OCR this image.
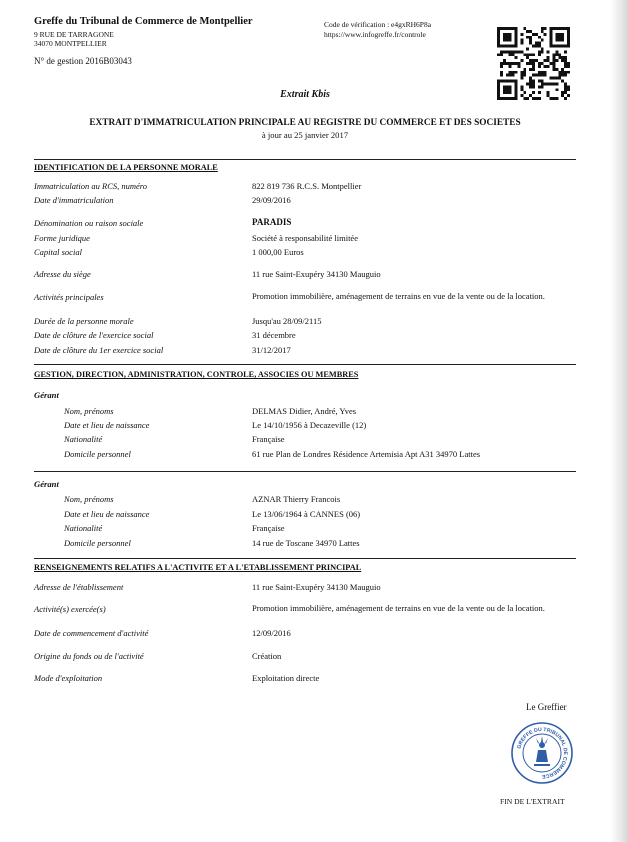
Greffe du Tribunal de Commerce de Montpellier
9 RUE DE TARRAGONE
34070 MONTPELLIER
Code de vérification : e4gxRH6P8a
https://www.infogreffe.fr/controle
N° de gestion 2016B03043
Extrait Kbis
EXTRAIT D'IMMATRICULATION PRINCIPALE AU REGISTRE DU COMMERCE ET DES SOCIETES
à jour au 25 janvier 2017
IDENTIFICATION DE LA PERSONNE MORALE
Immatriculation au RCS, numéro	822 819 736 R.C.S. Montpellier
Date d'immatriculation	29/09/2016
Dénomination ou raison sociale	PARADIS
Forme juridique	Société à responsabilité limitée
Capital social	1 000,00 Euros
Adresse du siège	11 rue Saint-Exupéry 34130 Mauguio
Activités principales	Promotion immobilière, aménagement de terrains en vue de la vente ou de la location.
Durée de la personne morale	Jusqu'au 28/09/2115
Date de clôture de l'exercice social	31 décembre
Date de clôture du 1er exercice social	31/12/2017
GESTION, DIRECTION, ADMINISTRATION, CONTROLE, ASSOCIES OU MEMBRES
Gérant
Nom, prénoms	DELMAS Didier, André, Yves
Date et lieu de naissance	Le 14/10/1956 à Decazeville (12)
Nationalité	Française
Domicile personnel	61 rue Plan de Londres Résidence Artemisia Apt A31 34970 Lattes
Gérant
Nom, prénoms	AZNAR Thierry Francois
Date et lieu de naissance	Le 13/06/1964 à CANNES (06)
Nationalité	Française
Domicile personnel	14 rue de Toscane 34970 Lattes
RENSEIGNEMENTS RELATIFS A L'ACTIVITE ET A L'ETABLISSEMENT PRINCIPAL
Adresse de l'établissement	11 rue Saint-Exupéry 34130 Mauguio
Activité(s) exercée(s)	Promotion immobilière, aménagement de terrains en vue de la vente ou de la location.
Date de commencement d'activité	12/09/2016
Origine du fonds ou de l'activité	Création
Mode d'exploitation	Exploitation directe
Le Greffier
GREFFE DU TRIBUNAL DE COMMERCE
FIN DE L'EXTRAIT
